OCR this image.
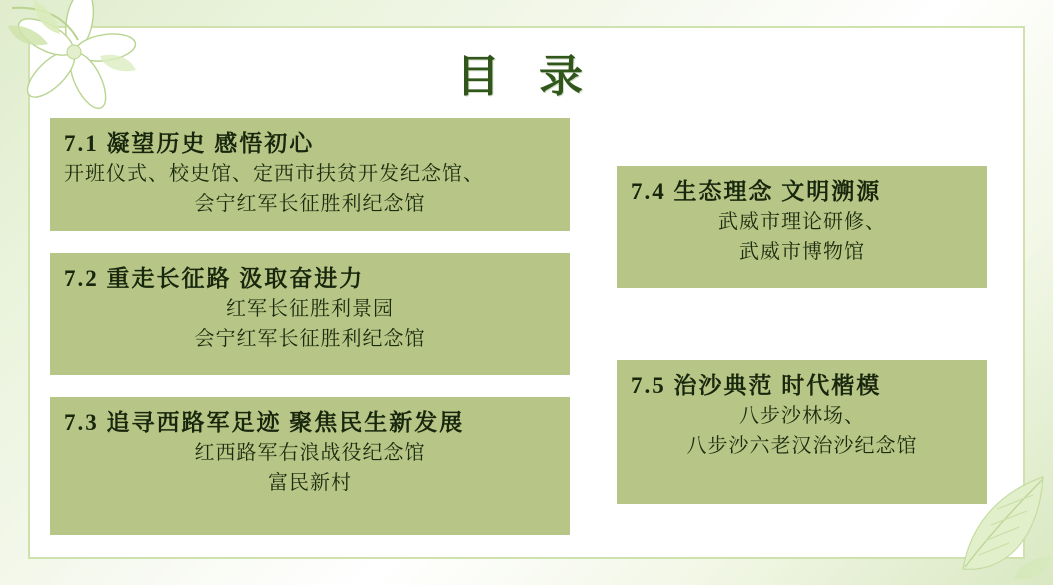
目 录
7.1 凝望历史 感悟初心
开班仪式、校史馆、定西市扶贫开发纪念馆、
会宁红军长征胜利纪念馆
7.2 重走长征路 汲取奋进力
红军长征胜利景园
会宁红军长征胜利纪念馆
7.3 追寻西路军足迹 聚焦民生新发展
红西路军右浪战役纪念馆
富民新村
7.4 生态理念 文明溯源
武威市理论研修、
武威市博物馆
7.5 治沙典范 时代楷模
八步沙林场、
八步沙六老汉治沙纪念馆
